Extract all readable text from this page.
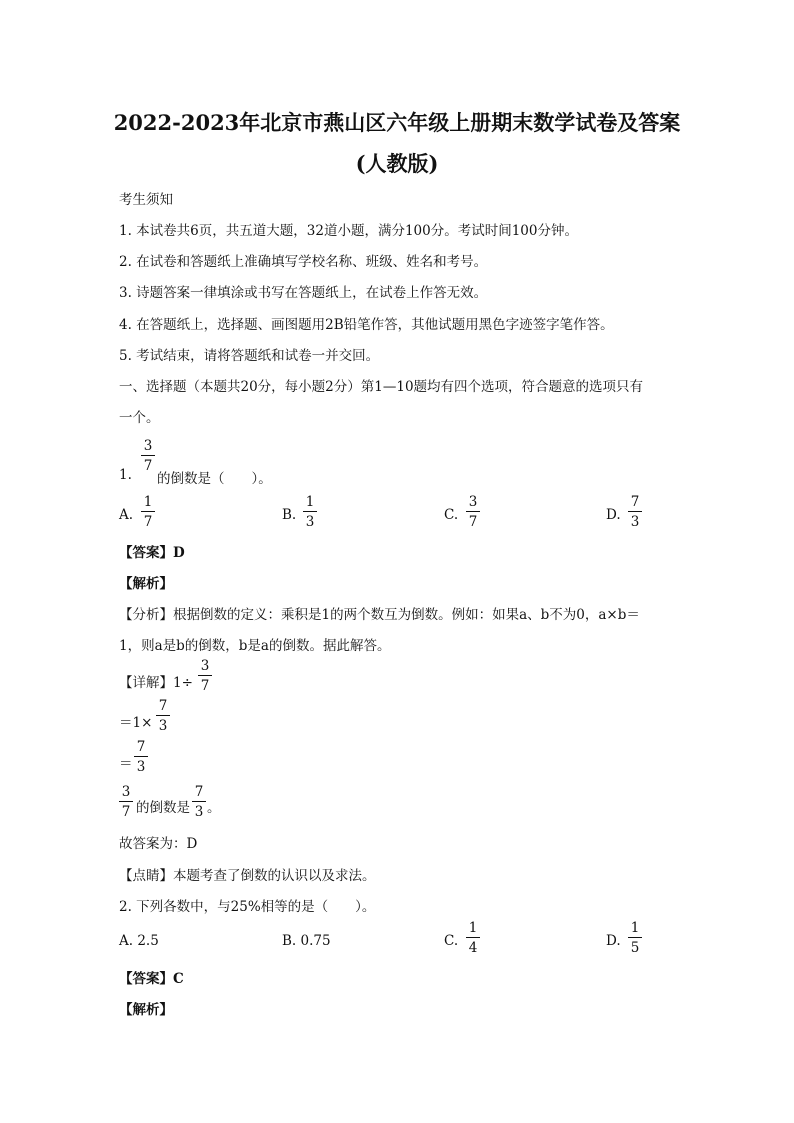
2022-2023年北京市燕山区六年级上册期末数学试卷及答案
(人教版)
考生须知
1. 本试卷共6页，共五道大题，32道小题，满分100分。考试时间100分钟。
2. 在试卷和答题纸上准确填写学校名称、班级、姓名和考号。
3. 诗题答案一律填涂或书写在答题纸上，在试卷上作答无效。
4. 在答题纸上，选择题、画图题用2B铅笔作答，其他试题用黑色字迹签字笔作答。
5. 考试结束，请将答题纸和试卷一并交回。
一、选择题（本题共20分，每小题2分）第1—10题均有四个选项，符合题意的选项只有
一个。
1.
3
7
的倒数是（　　）。
A.
1
7	B.
1
3	C.
3
7	D.
7
3
【答案】D
【解析】
【分析】根据倒数的定义：乘积是1的两个数互为倒数。例如：如果a、b不为0，a×b＝
1，则a是b的倒数，b是a的倒数。据此解答。
【详解】1÷
3
7
＝1×
7
3
＝
7
3
3
7 的倒数是
7
3 。
故答案为：D
【点睛】本题考查了倒数的认识以及求法。
2. 下列各数中，与25%相等的是（　　）。
A. 2.5	B. 0.75	C.
1
4	D.
1
5
【答案】C
【解析】
